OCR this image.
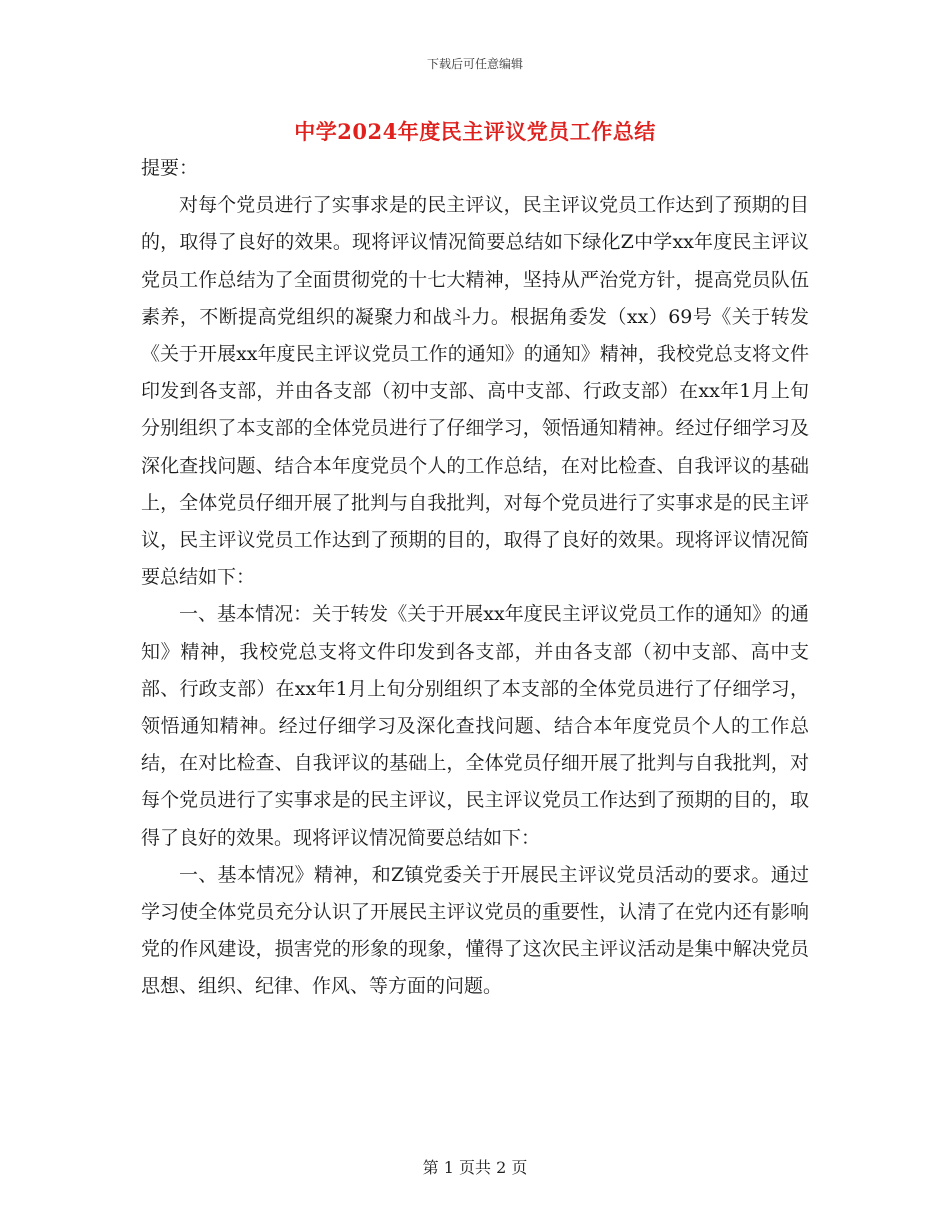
下载后可任意编辑
中学2024年度民主评议党员工作总结

提要：

对每个党员进行了实事求是的民主评议，民主评议党员工作达到了预期的目的，取得了良好的效果。现将评议情况简要总结如下绿化Z中学xx年度民主评议党员工作总结为了全面贯彻党的十七大精神，坚持从严治党方针，提高党员队伍素养，不断提高党组织的凝聚力和战斗力。根据角委发（xx）69号《关于转发《关于开展xx年度民主评议党员工作的通知》的通知》精神，我校党总支将文件印发到各支部，并由各支部（初中支部、高中支部、行政支部）在xx年1月上旬分别组织了本支部的全体党员进行了仔细学习，领悟通知精神。经过仔细学习及深化查找问题、结合本年度党员个人的工作总结，在对比检查、自我评议的基础上，全体党员仔细开展了批判与自我批判，对每个党员进行了实事求是的民主评议，民主评议党员工作达到了预期的目的，取得了良好的效果。现将评议情况简要总结如下：

一、基本情况：关于转发《关于开展xx年度民主评议党员工作的通知》的通知》精神，我校党总支将文件印发到各支部，并由各支部（初中支部、高中支部、行政支部）在xx年1月上旬分别组织了本支部的全体党员进行了仔细学习，领悟通知精神。经过仔细学习及深化查找问题、结合本年度党员个人的工作总结，在对比检查、自我评议的基础上，全体党员仔细开展了批判与自我批判，对每个党员进行了实事求是的民主评议，民主评议党员工作达到了预期的目的，取得了良好的效果。现将评议情况简要总结如下：

一、基本情况》精神，和Z镇党委关于开展民主评议党员活动的要求。通过学习使全体党员充分认识了开展民主评议党员的重要性，认清了在党内还有影响党的作风建设，损害党的形象的现象，懂得了这次民主评议活动是集中解决党员思想、组织、纪律、作风、等方面的问题。

第 1 页共 2 页
